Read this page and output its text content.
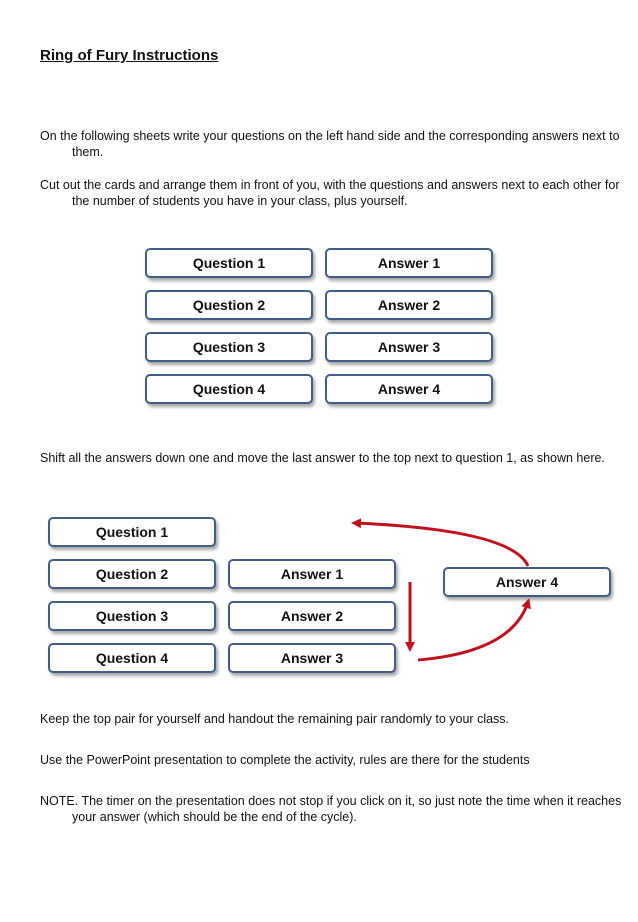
Ring of Fury Instructions
On the following sheets write your questions on the left hand side and the corresponding answers next to them.
Cut out the cards and arrange them in front of you, with the questions and answers next to each other for the number of students you have in your class, plus yourself.
Question 1
Question 2
Question 3
Question 4
Answer 1
Answer 2
Answer 3
Answer 4
Shift all the answers down one and move the last answer to the top next to question 1, as shown here.
Question 1
Question 2
Question 3
Question 4
Answer 1
Answer 2
Answer 3
Answer 4
Keep the top pair for yourself and handout the remaining pair randomly to your class.
Use the PowerPoint presentation to complete the activity, rules are there for the students
NOTE. The timer on the presentation does not stop if you click on it, so just note the time when it reaches your answer (which should be the end of the cycle).
